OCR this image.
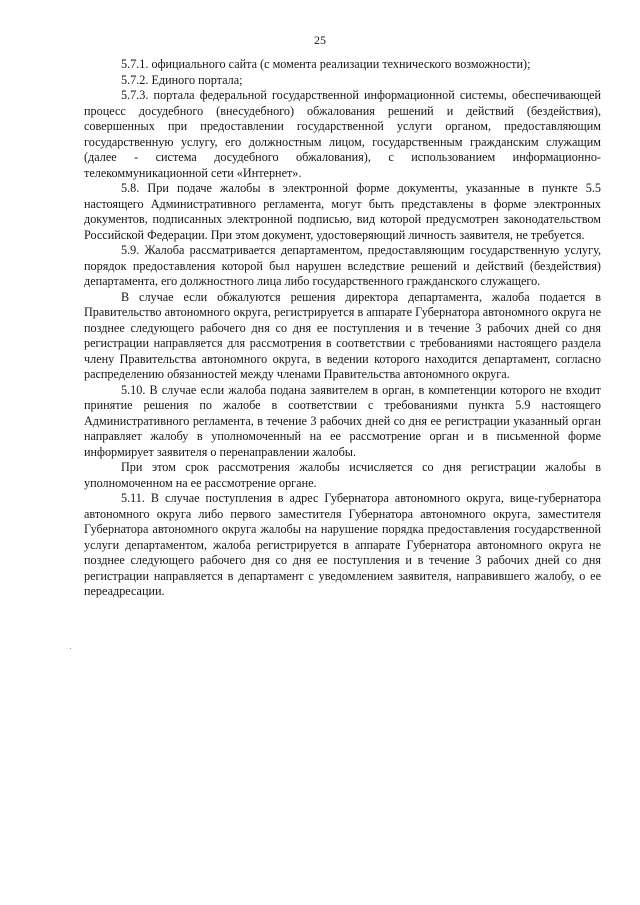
25

5.7.1. официального сайта (с момента реализации технического возможности);

5.7.2. Единого портала;

5.7.3. портала федеральной государственной информационной системы, обеспечивающей процесс досудебного (внесудебного) обжалования решений и действий (бездействия), совершенных при предоставлении государственной услуги органом, предоставляющим государственную услугу, его должностным лицом, государственным гражданским служащим (далее - система досудебного обжалования), с использованием информационно-телекоммуникационной сети «Интернет».

5.8. При подаче жалобы в электронной форме документы, указанные в пункте 5.5 настоящего Административного регламента, могут быть представлены в форме электронных документов, подписанных электронной подписью, вид которой предусмотрен законодательством Российской Федерации. При этом документ, удостоверяющий личность заявителя, не требуется.

5.9. Жалоба рассматривается департаментом, предоставляющим государственную услугу, порядок предоставления которой был нарушен вследствие решений и действий (бездействия) департамента, его должностного лица либо государственного гражданского служащего.

В случае если обжалуются решения директора департамента, жалоба подается в Правительство автономного округа, регистрируется в аппарате Губернатора автономного округа не позднее следующего рабочего дня со дня ее поступления и в течение 3 рабочих дней со дня регистрации направляется для рассмотрения в соответствии с требованиями настоящего раздела члену Правительства автономного округа, в ведении которого находится департамент, согласно распределению обязанностей между членами Правительства автономного округа.

5.10. В случае если жалоба подана заявителем в орган, в компетенции которого не входит принятие решения по жалобе в соответствии с требованиями пункта 5.9 настоящего Административного регламента, в течение 3 рабочих дней со дня ее регистрации указанный орган направляет жалобу в уполномоченный на ее рассмотрение орган и в письменной форме информирует заявителя о перенаправлении жалобы.

При этом срок рассмотрения жалобы исчисляется со дня регистрации жалобы в уполномоченном на ее рассмотрение органе.

5.11. В случае поступления в адрес Губернатора автономного округа, вице-губернатора автономного округа либо первого заместителя Губернатора автономного округа, заместителя Губернатора автономного округа жалобы на нарушение порядка предоставления государственной услуги департаментом, жалоба регистрируется в аппарате Губернатора автономного округа не позднее следующего рабочего дня со дня ее поступления и в течение 3 рабочих дней со дня регистрации направляется в департамент с уведомлением заявителя, направившего жалобу, о ее переадресации.
